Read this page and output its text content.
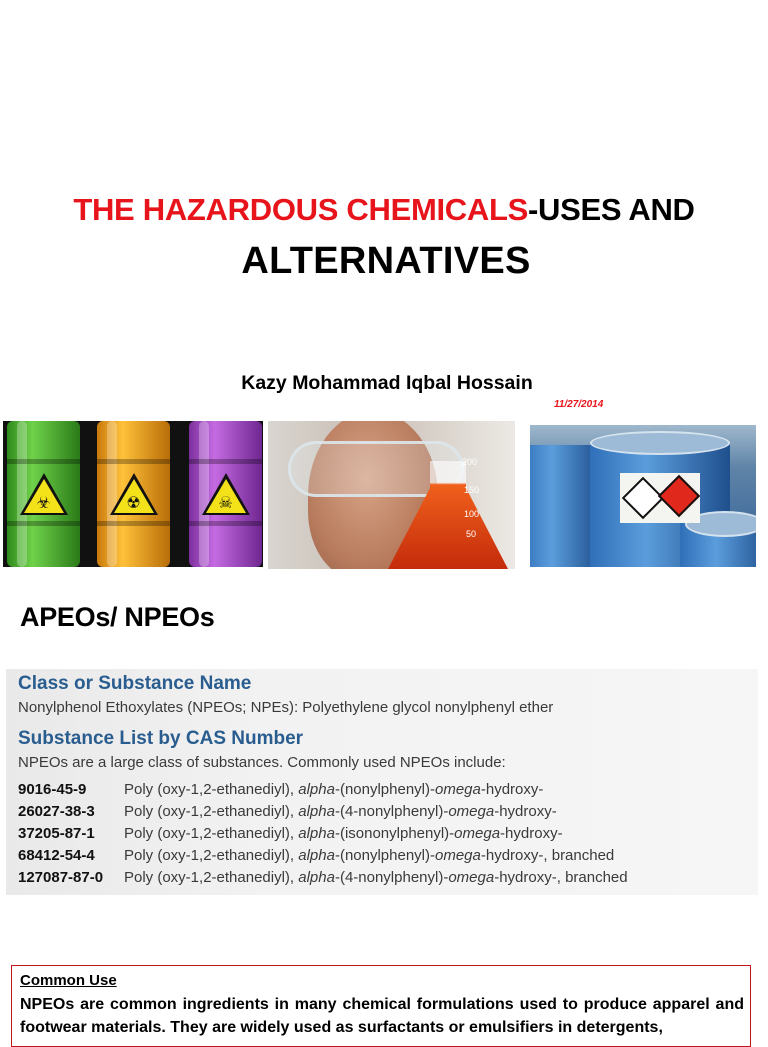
THE HAZARDOUS CHEMICALS-USES AND
ALTERNATIVES
Kazy Mohammad Iqbal Hossain
11/27/2014
☣	☢	☠
200
150
100
50
APEOs/ NPEOs
Class or Substance Name
Nonylphenol Ethoxylates (NPEOs; NPEs): Polyethylene glycol nonylphenyl ether
Substance List by CAS Number
NPEOs are a large class of substances. Commonly used NPEOs include:
9016-45-9	Poly (oxy-1,2-ethanediyl), alpha-(nonylphenyl)-omega-hydroxy-
26027-38-3 Poly (oxy-1,2-ethanediyl), alpha-(4-nonylphenyl)-omega-hydroxy-
37205-87-1 Poly (oxy-1,2-ethanediyl), alpha-(isononylphenyl)-omega-hydroxy-
68412-54-4 Poly (oxy-1,2-ethanediyl), alpha-(nonylphenyl)-omega-hydroxy-, branched
127087-87-0 Poly (oxy-1,2-ethanediyl), alpha-(4-nonylphenyl)-omega-hydroxy-, branched
Common Use
NPEOs are common ingredients in many chemical formulations used to produce apparel and footwear materials. They are widely used as surfactants or emulsifiers in detergents,
